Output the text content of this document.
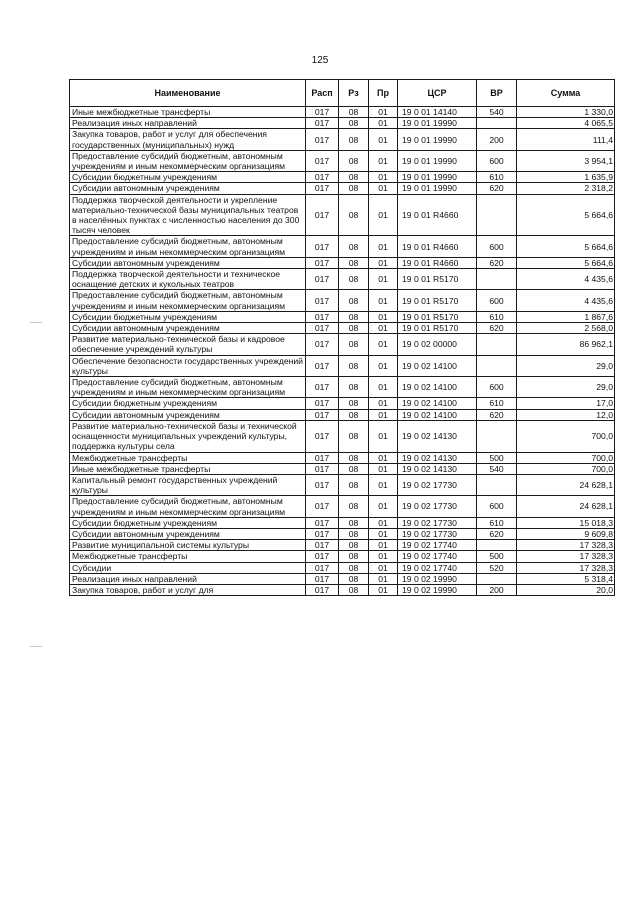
125
Наименование	Расп	Рз	Пр	ЦСР	ВР	Сумма
Иные межбюджетные трансферты	017	08	01	19 0 01 14140	540	1 330,0
Реализация иных направлений	017	08	01	19 0 01 19990		4 065,5
Закупка товаров, работ и услуг для обеспечения государственных (муниципальных) нужд	017	08	01	19 0 01 19990	200	111,4
Предоставление субсидий бюджетным, автономным учреждениям и иным некоммерческим организациям	017	08	01	19 0 01 19990	600	3 954,1
Субсидии бюджетным учреждениям	017	08	01	19 0 01 19990	610	1 635,9
Субсидии автономным учреждениям	017	08	01	19 0 01 19990	620	2 318,2
Поддержка творческой деятельности и укрепление материально-технической базы муниципальных театров в населённых пунктах с численностью населения до 300 тысяч человек	017	08	01	19 0 01 R4660		5 664,6
Предоставление субсидий бюджетным, автономным учреждениям и иным некоммерческим организациям	017	08	01	19 0 01 R4660	600	5 664,6
Субсидии автономным учреждениям	017	08	01	19 0 01 R4660	620	5 664,6
Поддержка творческой деятельности и техническое оснащение детских и кукольных театров	017	08	01	19 0 01 R5170		4 435,6
Предоставление субсидий бюджетным, автономным учреждениям и иным некоммерческим организациям	017	08	01	19 0 01 R5170	600	4 435,6
Субсидии бюджетным учреждениям	017	08	01	19 0 01 R5170	610	1 867,6
Субсидии автономным учреждениям	017	08	01	19 0 01 R5170	620	2 568,0
Развитие материально-технической базы и кадровое обеспечение учреждений культуры	017	08	01	19 0 02 00000		86 962,1
Обеспечение безопасности государственных учреждений культуры	017	08	01	19 0 02 14100		29,0
Предоставление субсидий бюджетным, автономным учреждениям и иным некоммерческим организациям	017	08	01	19 0 02 14100	600	29,0
Субсидии бюджетным учреждениям	017	08	01	19 0 02 14100	610	17,0
Субсидии автономным учреждениям	017	08	01	19 0 02 14100	620	12,0
Развитие материально-технической базы и технической оснащенности муниципальных учреждений культуры, поддержка культуры села	017	08	01	19 0 02 14130		700,0
Межбюджетные трансферты	017	08	01	19 0 02 14130	500	700,0
Иные межбюджетные трансферты	017	08	01	19 0 02 14130	540	700,0
Капитальный ремонт государственных учреждений культуры	017	08	01	19 0 02 17730		24 628,1
Предоставление субсидий бюджетным, автономным учреждениям и иным некоммерческим организациям	017	08	01	19 0 02 17730	600	24 628,1
Субсидии бюджетным учреждениям	017	08	01	19 0 02 17730	610	15 018,3
Субсидии автономным учреждениям	017	08	01	19 0 02 17730	620	9 609,8
Развитие муниципальной системы культуры	017	08	01	19 0 02 17740		17 328,3
Межбюджетные трансферты	017	08	01	19 0 02 17740	500	17 328,3
Субсидии	017	08	01	19 0 02 17740	520	17 328,3
Реализация иных направлений	017	08	01	19 0 02 19990		5 318,4
Закупка товаров, работ и услуг для	017	08	01	19 0 02 19990	200	20,0
